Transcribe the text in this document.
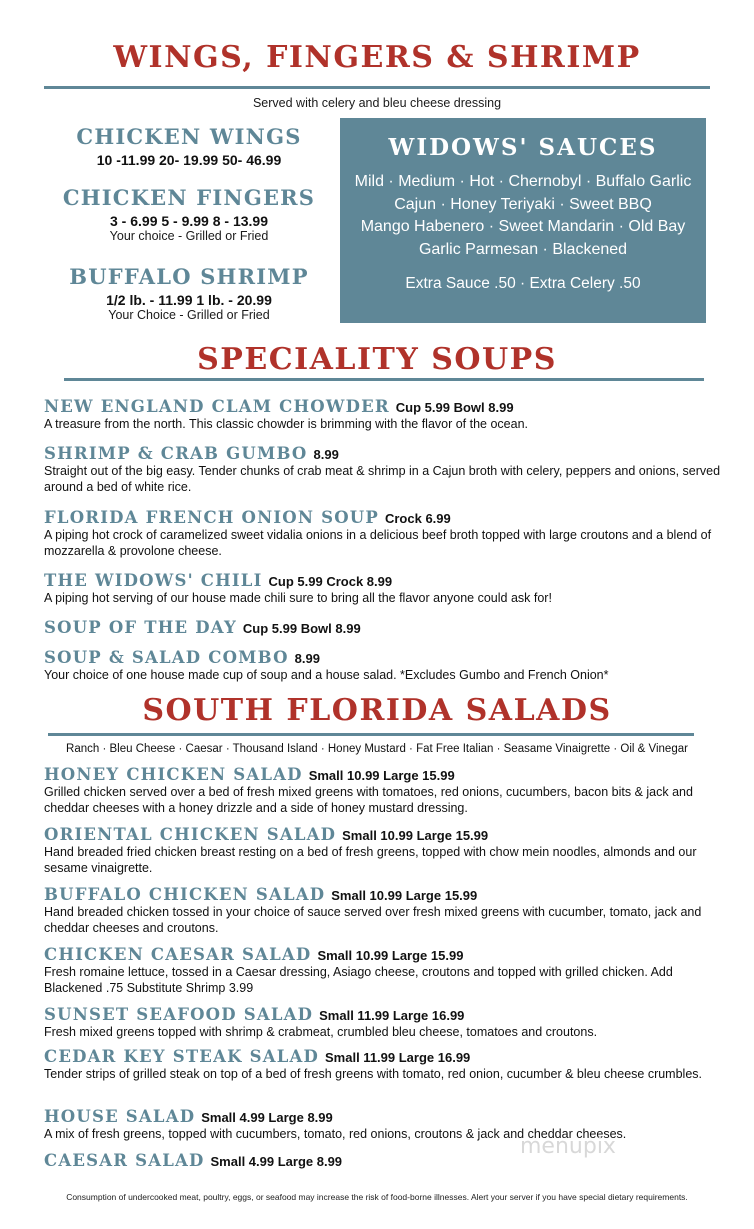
WINGS, FINGERS & SHRIMP
Served with celery and bleu cheese dressing
CHICKEN WINGS
10 -11.99 20- 19.99 50- 46.99
CHICKEN FINGERS
3 - 6.99 5 - 9.99 8 - 13.99
Your choice - Grilled or Fried
BUFFALO SHRIMP
1/2 lb. - 11.99 1 lb. - 20.99
Your Choice - Grilled or Fried
WIDOWS' SAUCES
Mild · Medium · Hot · Chernobyl · Buffalo Garlic
Cajun · Honey Teriyaki · Sweet BBQ
Mango Habenero · Sweet Mandarin · Old Bay
Garlic Parmesan · Blackened
Extra Sauce .50 · Extra Celery .50
SPECIALITY SOUPS
NEW ENGLAND CLAM CHOWDER Cup 5.99 Bowl 8.99
A treasure from the north. This classic chowder is brimming with the flavor of the ocean.
SHRIMP & CRAB GUMBO 8.99
Straight out of the big easy. Tender chunks of crab meat & shrimp in a Cajun broth with celery, peppers and onions, served around a bed of white rice.
FLORIDA FRENCH ONION SOUP Crock 6.99
A piping hot crock of caramelized sweet vidalia onions in a delicious beef broth topped with large croutons and a blend of mozzarella & provolone cheese.
THE WIDOWS' CHILI Cup 5.99 Crock 8.99
A piping hot serving of our house made chili sure to bring all the flavor anyone could ask for!
SOUP OF THE DAY Cup 5.99 Bowl 8.99
SOUP & SALAD COMBO 8.99
Your choice of one house made cup of soup and a house salad. *Excludes Gumbo and French Onion*
SOUTH FLORIDA SALADS
Ranch · Bleu Cheese · Caesar · Thousand Island · Honey Mustard · Fat Free Italian · Seasame Vinaigrette · Oil & Vinegar
HONEY CHICKEN SALAD Small 10.99 Large 15.99
Grilled chicken served over a bed of fresh mixed greens with tomatoes, red onions, cucumbers, bacon bits & jack and cheddar cheeses with a honey drizzle and a side of honey mustard dressing.
ORIENTAL CHICKEN SALAD Small 10.99 Large 15.99
Hand breaded fried chicken breast resting on a bed of fresh greens, topped with chow mein noodles, almonds and our sesame vinaigrette.
BUFFALO CHICKEN SALAD Small 10.99 Large 15.99
Hand breaded chicken tossed in your choice of sauce served over fresh mixed greens with cucumber, tomato, jack and cheddar cheeses and croutons.
CHICKEN CAESAR SALAD Small 10.99 Large 15.99
Fresh romaine lettuce, tossed in a Caesar dressing, Asiago cheese, croutons and topped with grilled chicken. Add Blackened .75 Substitute Shrimp 3.99
SUNSET SEAFOOD SALAD Small 11.99 Large 16.99
Fresh mixed greens topped with shrimp & crabmeat, crumbled bleu cheese, tomatoes and croutons.
CEDAR KEY STEAK SALAD Small 11.99 Large 16.99
Tender strips of grilled steak on top of a bed of fresh greens with tomato, red onion, cucumber & bleu cheese crumbles.
HOUSE SALAD Small 4.99 Large 8.99
A mix of fresh greens, topped with cucumbers, tomato, red onions, croutons & jack and cheddar cheeses.
CAESAR SALAD Small 4.99 Large 8.99
menupix
Consumption of undercooked meat, poultry, eggs, or seafood may increase the risk of food-borne illnesses. Alert your server if you have special dietary requirements.
